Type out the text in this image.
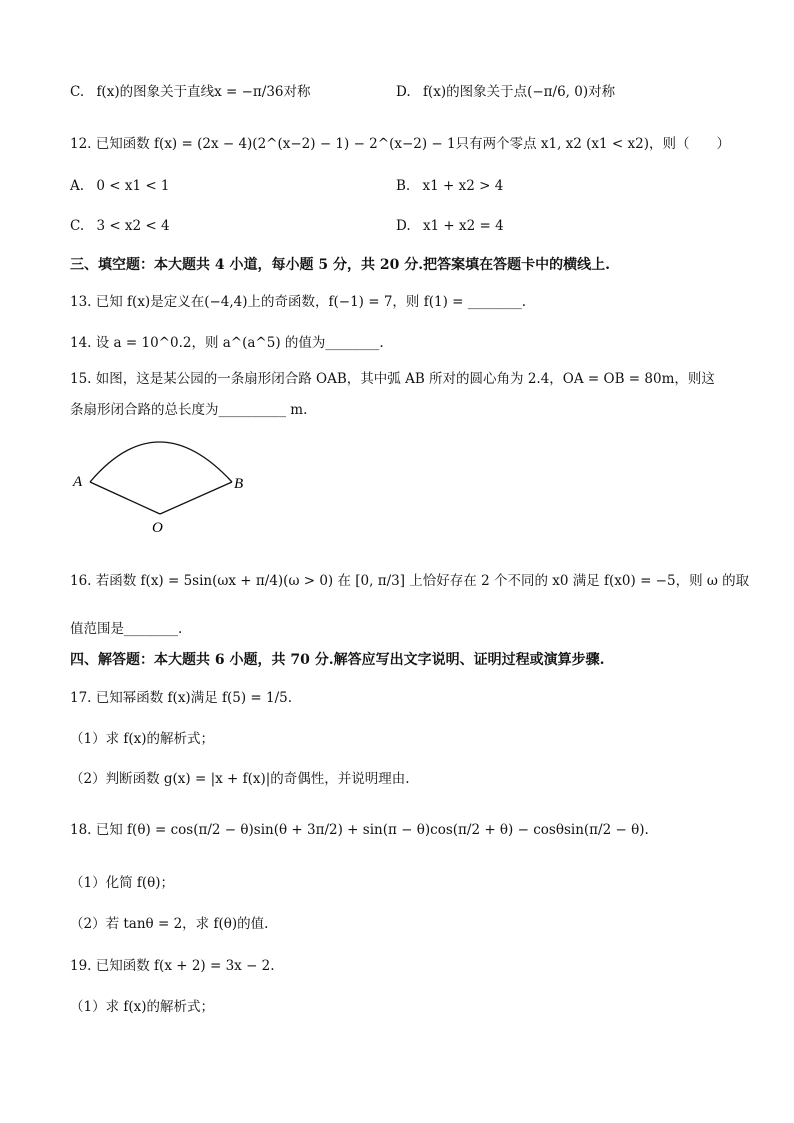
C. f(x)的图象关于直线x = −π/36对称	D. f(x)的图象关于点(−π/6, 0)对称
12. 已知函数 f(x) = (2x − 4)(2^(x−2) − 1) − 2^(x−2) − 1只有两个零点 x1, x2 (x1 < x2)，则（　　）
A. 0 < x1 < 1	B. x1 + x2 > 4
C. 3 < x2 < 4	D. x1 + x2 = 4
三、填空题：本大题共 4 小道，每小题 5 分，共 20 分.把答案填在答题卡中的横线上.
13. 已知 f(x)是定义在(−4,4)上的奇函数，f(−1) = 7，则 f(1) = ________.
14. 设 a = 10^0.2，则 a^(a^5) 的值为________.
15. 如图，这是某公园的一条扇形闭合路 OAB，其中弧 AB 所对的圆心角为 2.4，OA = OB = 80m，则这
条扇形闭合路的总长度为__________ m.
A	B
O
16. 若函数 f(x) = 5sin(ωx + π/4)(ω > 0) 在 [0, π/3] 上恰好存在 2 个不同的 x0 满足 f(x0) = −5，则 ω 的取
值范围是________.
四、解答题：本大题共 6 小题，共 70 分.解答应写出文字说明、证明过程或演算步骤.
17. 已知幂函数 f(x)满足 f(5) = 1/5.
（1）求 f(x)的解析式；
（2）判断函数 g(x) = |x + f(x)|的奇偶性，并说明理由.
18. 已知 f(θ) = cos(π/2 − θ)sin(θ + 3π/2) + sin(π − θ)cos(π/2 + θ) − cosθsin(π/2 − θ).
（1）化简 f(θ)；
（2）若 tanθ = 2，求 f(θ)的值.
19. 已知函数 f(x + 2) = 3x − 2.
（1）求 f(x)的解析式；
